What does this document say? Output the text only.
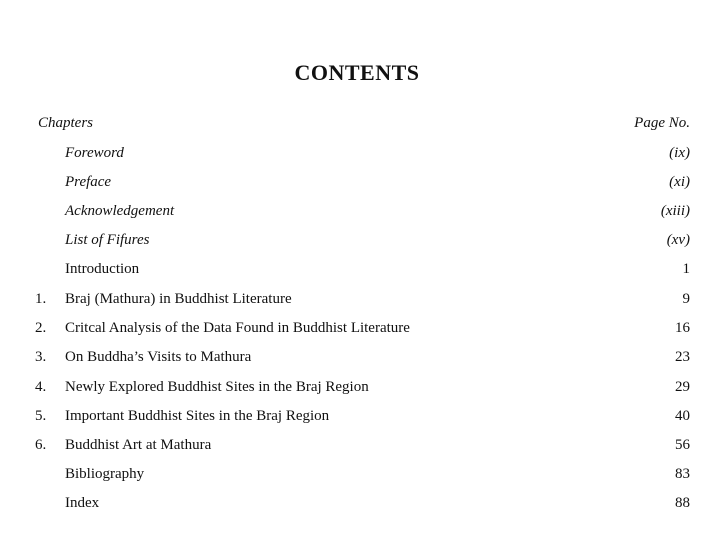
CONTENTS
Chapters	Page No.
Foreword	(ix)
Preface	(xi)
Acknowledgement	(xiii)
List of Fifures	(xv)
Introduction	1
1. Braj (Mathura) in Buddhist Literature	9
2. Critcal Analysis of the Data Found in Buddhist Literature	16
3. On Buddha’s Visits to Mathura	23
4. Newly Explored Buddhist Sites in the Braj Region	29
5. Important Buddhist Sites in the Braj Region	40
6. Buddhist Art at Mathura	56
Bibliography	83
Index	88
